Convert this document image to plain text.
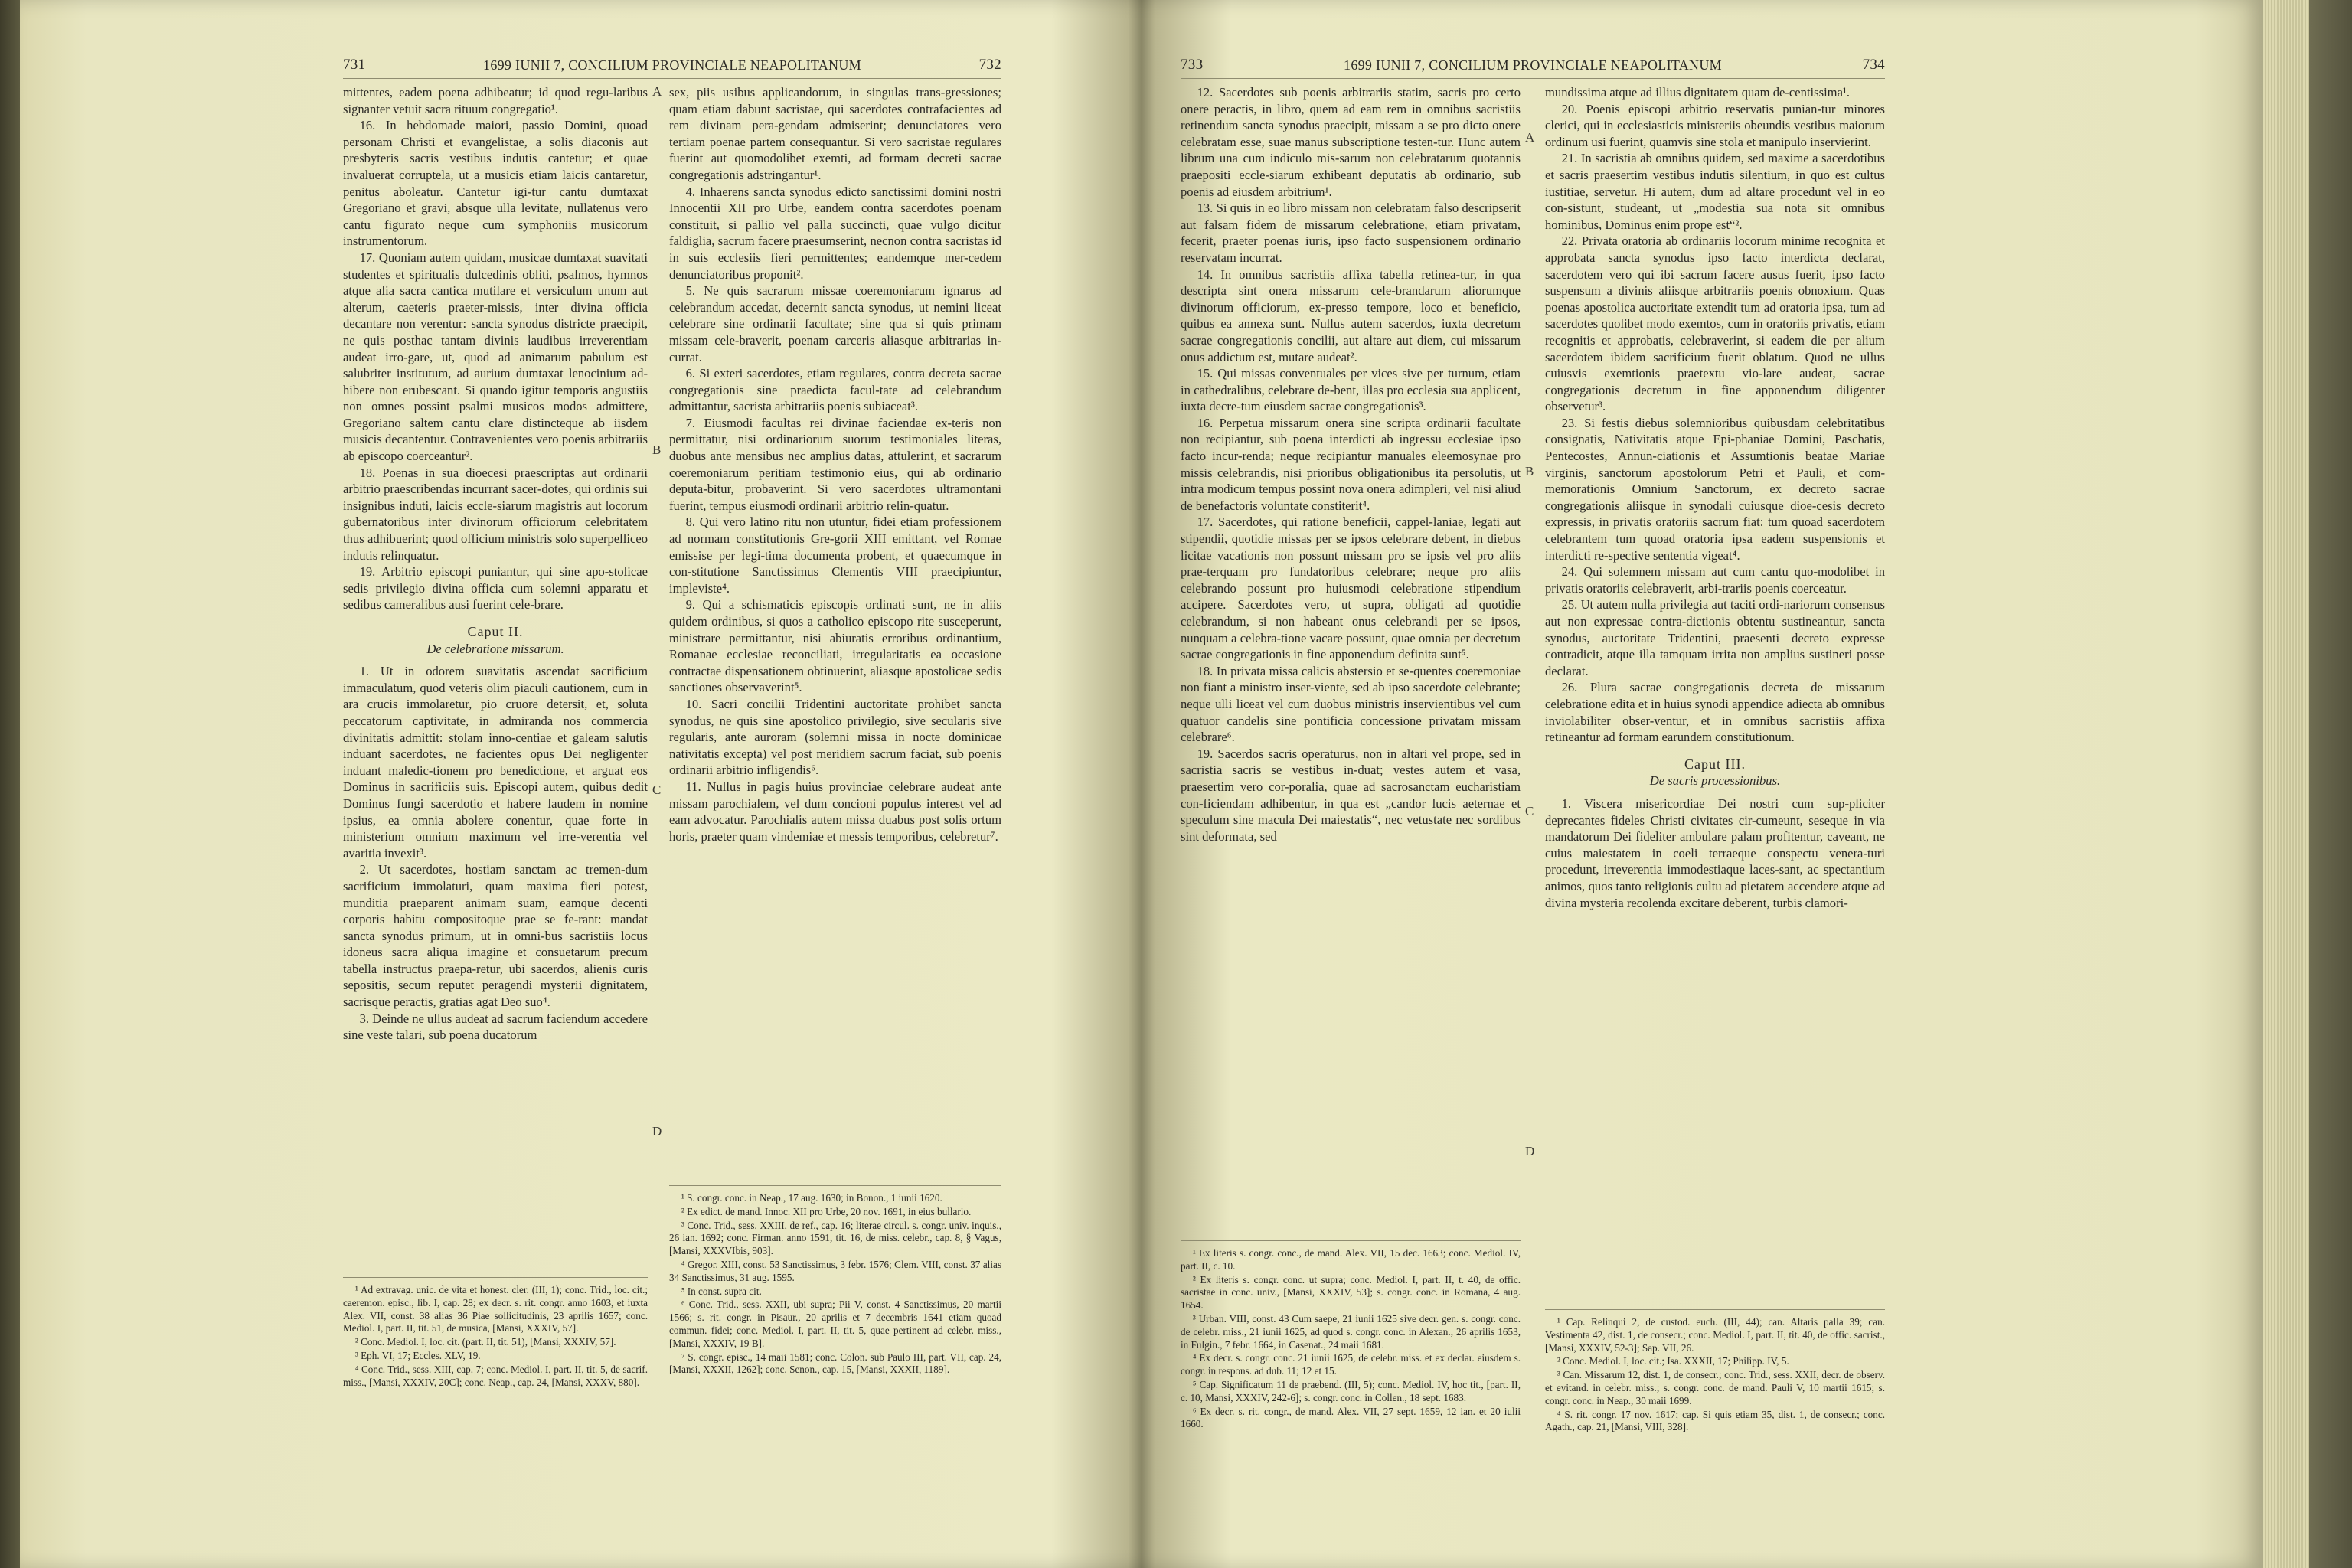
731	1699 IUNII 7, CONCILIUM PROVINCIALE NEAPOLITANUM	732	733	1699 IUNII 7, CONCILIUM PROVINCIALE NEAPOLITANUM	734

mittentes, eadem poena adhibeatur; id quod regu-laribus signanter vetuit sacra rituum congregatio¹.

16. In hebdomade maiori, passio Domini, quoad personam Christi et evangelistae, a solis diaconis aut presbyteris sacris vestibus indutis cantetur; et quae invaluerat corruptela, ut a musicis etiam laicis cantaretur, penitus aboleatur. Cantetur igi-tur cantu dumtaxat Gregoriano et gravi, absque ulla levitate, nullatenus vero cantu figurato neque cum symphoniis musicorum instrumentorum.

17. Quoniam autem quidam, musicae dumtaxat suavitati studentes et spiritualis dulcedinis obliti, psalmos, hymnos atque alia sacra cantica mutilare et versiculum unum aut alterum, caeteris praeter-missis, inter divina officia decantare non verentur: sancta synodus districte praecipit, ne quis posthac tantam divinis laudibus irreverentiam audeat irro-gare, ut, quod ad animarum pabulum est salubriter institutum, ad aurium dumtaxat lenocinium ad-hibere non erubescant. Si quando igitur temporis angustiis non omnes possint psalmi musicos modos admittere, Gregoriano saltem cantu clare distincteque ab iisdem musicis decantentur. Contravenientes vero poenis arbitrariis ab episcopo coerceantur².

18. Poenas in sua dioecesi praescriptas aut ordinarii arbitrio praescribendas incurrant sacer-dotes, qui ordinis sui insignibus induti, laicis eccle-siarum magistris aut locorum gubernatoribus inter divinorum officiorum celebritatem thus adhibuerint; quod officium ministris solo superpelliceo indutis relinquatur.

19. Arbitrio episcopi puniantur, qui sine apo-stolicae sedis privilegio divina officia cum solemni apparatu et sedibus cameralibus ausi fuerint cele-brare.

Caput II.

De celebratione missarum.

1. Ut in odorem suavitatis ascendat sacrificium immaculatum, quod veteris olim piaculi cautionem, cum in ara crucis immolaretur, pio cruore detersit, et, soluta peccatorum captivitate, in admiranda nos commercia divinitatis admittit: stolam inno-centiae et galeam salutis induant sacerdotes, ne facientes opus Dei negligenter induant maledic-tionem pro benedictione, et arguat eos Dominus in sacrificiis suis. Episcopi autem, quibus dedit Dominus fungi sacerdotio et habere laudem in nomine ipsius, ea omnia abolere conentur, quae forte in ministerium omnium maximum vel irre-verentia vel avaritia invexit³.

2. Ut sacerdotes, hostiam sanctam ac tremen-dum sacrificium immolaturi, quam maxima fieri potest, munditia praeparent animam suam, eamque decenti corporis habitu compositoque prae se fe-rant: mandat sancta synodus primum, ut in omni-bus sacristiis locus idoneus sacra aliqua imagine et consuetarum precum tabella instructus praepa-retur, ubi sacerdos, alienis curis sepositis, secum reputet peragendi mysterii dignitatem, sacrisque peractis, gratias agat Deo suo⁴.

3. Deinde ne ullus audeat ad sacrum faciendum accedere sine veste talari, sub poena ducatorum

¹ Ad extravag. unic. de vita et honest. cler. (III, 1); conc. Trid., loc. cit.; caeremon. episc., lib. I, cap. 28; ex decr. s. rit. congr. anno 1603, et iuxta Alex. VII, const. 38 alias 36 Piae sollicitudinis, 23 aprilis 1657; conc. Mediol. I, part. II, tit. 51, de musica, [Mansi, XXXIV, 57].

² Conc. Mediol. I, loc. cit. (part. II, tit. 51), [Mansi, XXXIV, 57].

³ Eph. VI, 17; Eccles. XLV, 19.

⁴ Conc. Trid., sess. XIII, cap. 7; conc. Mediol. I, part. II, tit. 5, de sacrif. miss., [Mansi, XXXIV, 20C]; conc. Neap., cap. 24, [Mansi, XXXV, 880].

A
B
C
D

sex, piis usibus applicandorum, in singulas trans-gressiones; quam etiam dabunt sacristae, qui sacerdotes contrafacientes ad rem divinam pera-gendam admiserint; denunciatores vero tertiam poenae partem consequantur. Si vero sacristae regulares fuerint aut quomodolibet exemti, ad formam decreti sacrae congregationis adstringantur¹.

4. Inhaerens sancta synodus edicto sanctissimi domini nostri Innocentii XII pro Urbe, eandem contra sacerdotes poenam constituit, si pallio vel palla succincti, quae vulgo dicitur faldiglia, sacrum facere praesumserint, necnon contra sacristas id in suis ecclesiis fieri permittentes; eandemque mer-cedem denunciatoribus proponit².

5. Ne quis sacrarum missae coeremoniarum ignarus ad celebrandum accedat, decernit sancta synodus, ut nemini liceat celebrare sine ordinarii facultate; sine qua si quis primam missam cele-braverit, poenam carceris aliasque arbitrarias in-currat.

6. Si exteri sacerdotes, etiam regulares, contra decreta sacrae congregationis sine praedicta facul-tate ad celebrandum admittantur, sacrista arbitrariis poenis subiaceat³.

7. Eiusmodi facultas rei divinae faciendae ex-teris non permittatur, nisi ordinariorum suorum testimoniales literas, duobus ante mensibus nec amplius datas, attulerint, et sacrarum coeremoniarum peritiam testimonio eius, qui ab ordinario deputa-bitur, probaverint. Si vero sacerdotes ultramontani fuerint, tempus eiusmodi ordinarii arbitrio relin-quatur.

8. Qui vero latino ritu non utuntur, fidei etiam professionem ad normam constitutionis Gre-gorii XIII emittant, vel Romae emissise per legi-tima documenta probent, et quaecumque in con-stitutione Sanctissimus Clementis VIII praecipiuntur, impleviste⁴.

9. Qui a schismaticis episcopis ordinati sunt, ne in aliis quidem ordinibus, si quos a catholico episcopo rite susceperunt, ministrare permittantur, nisi abiuratis erroribus ordinantium, Romanae ecclesiae reconciliati, irregularitatis ea occasione contractae dispensationem obtinuerint, aliasque apostolicae sedis sanctiones observaverint⁵.

10. Sacri concilii Tridentini auctoritate prohibet sancta synodus, ne quis sine apostolico privilegio, sive secularis sive regularis, ante auroram (solemni missa in nocte dominicae nativitatis excepta) vel post meridiem sacrum faciat, sub poenis ordinarii arbitrio infligendis⁶.

11. Nullus in pagis huius provinciae celebrare audeat ante missam parochialem, vel dum concioni populus interest vel ad eam advocatur. Parochialis autem missa duabus post solis ortum horis, praeter quam vindemiae et messis temporibus, celebretur⁷.

¹ S. congr. conc. in Neap., 17 aug. 1630; in Bonon., 1 iunii 1620.

² Ex edict. de mand. Innoc. XII pro Urbe, 20 nov. 1691, in eius bullario.

³ Conc. Trid., sess. XXIII, de ref., cap. 16; literae circul. s. congr. univ. inquis., 26 ian. 1692; conc. Firman. anno 1591, tit. 16, de miss. celebr., cap. 8, § Vagus, [Mansi, XXXVIbis, 903].

⁴ Gregor. XIII, const. 53 Sanctissimus, 3 febr. 1576; Clem. VIII, const. 37 alias 34 Sanctissimus, 31 aug. 1595.

⁵ In const. supra cit.

⁶ Conc. Trid., sess. XXII, ubi supra; Pii V, const. 4 Sanctissimus, 20 martii 1566; s. rit. congr. in Pisaur., 20 aprilis et 7 decembris 1641 etiam quoad commun. fidei; conc. Mediol. I, part. II, tit. 5, quae pertinent ad celebr. miss., [Mansi, XXXIV, 19 B].

⁷ S. congr. episc., 14 maii 1581; conc. Colon. sub Paulo III, part. VII, cap. 24, [Mansi, XXXII, 1262]; conc. Senon., cap. 15, [Mansi, XXXII, 1189].

12. Sacerdotes sub poenis arbitrariis statim, sacris pro certo onere peractis, in libro, quem ad eam rem in omnibus sacristiis retinendum sancta synodus praecipit, missam a se pro dicto onere celebratam esse, suae manus subscriptione testen-tur. Hunc autem librum una cum indiculo mis-sarum non celebratarum quotannis praepositi eccle-siarum exhibeant deputatis ab ordinario, sub poenis ad eiusdem arbitrium¹.

13. Si quis in eo libro missam non celebratam falso descripserit aut falsam fidem de missarum celebratione, etiam privatam, fecerit, praeter poenas iuris, ipso facto suspensionem ordinario reservatam incurrat.

14. In omnibus sacristiis affixa tabella retinea-tur, in qua descripta sint onera missarum cele-brandarum aliorumque divinorum officiorum, ex-presso tempore, loco et beneficio, quibus ea annexa sunt. Nullus autem sacerdos, iuxta decretum sacrae congregationis concilii, aut altare aut diem, cui missarum onus addictum est, mutare audeat².

15. Qui missas conventuales per vices sive per turnum, etiam in cathedralibus, celebrare de-bent, illas pro ecclesia sua applicent, iuxta decre-tum eiusdem sacrae congregationis³.

16. Perpetua missarum onera sine scripta ordinarii facultate non recipiantur, sub poena interdicti ab ingressu ecclesiae ipso facto incur-renda; neque recipiantur manuales eleemosynae pro missis celebrandis, nisi prioribus obligationibus ita persolutis, ut intra modicum tempus possint nova onera adimpleri, vel nisi aliud de benefactoris voluntate constiterit⁴.

17. Sacerdotes, qui ratione beneficii, cappel-laniae, legati aut stipendii, quotidie missas per se ipsos celebrare debent, in diebus licitae vacationis non possunt missam pro se ipsis vel pro aliis prae-terquam pro fundatoribus celebrare; neque pro aliis celebrando possunt pro huiusmodi celebratione stipendium accipere. Sacerdotes vero, ut supra, obligati ad quotidie celebrandum, si non habeant onus celebrandi per se ipsos, nunquam a celebra-tione vacare possunt, quae omnia per decretum sacrae congregationis in fine apponendum definita sunt⁵.

18. In privata missa calicis abstersio et se-quentes coeremoniae non fiant a ministro inser-viente, sed ab ipso sacerdote celebrante; neque ulli liceat vel cum duobus ministris inservientibus vel cum quatuor candelis sine pontificia concessione privatam missam celebrare⁶.

19. Sacerdos sacris operaturus, non in altari vel prope, sed in sacristia sacris se vestibus in-duat; vestes autem et vasa, praesertim vero cor-poralia, quae ad sacrosanctam eucharistiam con-ficiendam adhibentur, in qua est „candor lucis aeternae et speculum sine macula Dei maiestatis“, nec vetustate nec sordibus sint deformata, sed

¹ Ex literis s. congr. conc., de mand. Alex. VII, 15 dec. 1663; conc. Mediol. IV, part. II, c. 10.

² Ex literis s. congr. conc. ut supra; conc. Mediol. I, part. II, t. 40, de offic. sacristae in conc. univ., [Mansi, XXXIV, 53]; s. congr. conc. in Romana, 4 aug. 1654.

³ Urban. VIII, const. 43 Cum saepe, 21 iunii 1625 sive decr. gen. s. congr. conc. de celebr. miss., 21 iunii 1625, ad quod s. congr. conc. in Alexan., 26 aprilis 1653, in Fulgin., 7 febr. 1664, in Casenat., 24 maii 1681.

⁴ Ex decr. s. congr. conc. 21 iunii 1625, de celebr. miss. et ex declar. eiusdem s. congr. in respons. ad dub. 11; 12 et 15.

⁵ Cap. Significatum 11 de praebend. (III, 5); conc. Mediol. IV, hoc tit., [part. II, c. 10, Mansi, XXXIV, 242-6]; s. congr. conc. in Collen., 18 sept. 1683.

⁶ Ex decr. s. rit. congr., de mand. Alex. VII, 27 sept. 1659, 12 ian. et 20 iulii 1660.

A
B
C
D

mundissima atque ad illius dignitatem quam de-centissima¹.

20. Poenis episcopi arbitrio reservatis punian-tur minores clerici, qui in ecclesiasticis ministeriis obeundis vestibus maiorum ordinum usi fuerint, quamvis sine stola et manipulo inservierint.

21. In sacristia ab omnibus quidem, sed maxime a sacerdotibus et sacris praesertim vestibus indutis silentium, in quo est cultus iustitiae, servetur. Hi autem, dum ad altare procedunt vel in eo con-sistunt, studeant, ut „modestia sua nota sit omnibus hominibus, Dominus enim prope est“².

22. Privata oratoria ab ordinariis locorum minime recognita et approbata sancta synodus ipso facto interdicta declarat, sacerdotem vero qui ibi sacrum facere ausus fuerit, ipso facto suspensum a divinis aliisque arbitrariis poenis obnoxium. Quas poenas apostolica auctoritate extendit tum ad oratoria ipsa, tum ad sacerdotes quolibet modo exemtos, cum in oratoriis privatis, etiam recognitis et approbatis, celebraverint, si eadem die per alium sacerdotem ibidem sacrificium fuerit oblatum. Quod ne ullus cuiusvis exemtionis praetextu vio-lare audeat, sacrae congregationis decretum in fine apponendum diligenter observetur³.

23. Si festis diebus solemnioribus quibusdam celebritatibus consignatis, Nativitatis atque Epi-phaniae Domini, Paschatis, Pentecostes, Annun-ciationis et Assumtionis beatae Mariae virginis, sanctorum apostolorum Petri et Pauli, et com-memorationis Omnium Sanctorum, ex decreto sacrae congregationis aliisque in synodali cuiusque dioe-cesis decreto expressis, in privatis oratoriis sacrum fiat: tum quoad sacerdotem celebrantem tum quoad oratoria ipsa eadem suspensionis et interdicti re-spective sententia vigeat⁴.

24. Qui solemnem missam aut cum cantu quo-modolibet in privatis oratoriis celebraverit, arbi-trariis poenis coerceatur.

25. Ut autem nulla privilegia aut taciti ordi-nariorum consensus aut non expressae contra-dictionis obtentu sustineantur, sancta synodus, auctoritate Tridentini, praesenti decreto expresse contradicit, atque illa tamquam irrita non amplius sustineri posse declarat.

26. Plura sacrae congregationis decreta de missarum celebratione edita et in huius synodi appendice adiecta ab omnibus inviolabiliter obser-ventur, et in omnibus sacristiis affixa retineantur ad formam earundem constitutionum.

Caput III.

De sacris processionibus.

1. Viscera misericordiae Dei nostri cum sup-pliciter deprecantes fideles Christi civitates cir-cumeunt, seseque in via mandatorum Dei fideliter ambulare palam profitentur, caveant, ne cuius maiestatem in coeli terraeque conspectu venera-turi procedunt, irreverentia immodestiaque laces-sant, ac spectantium animos, quos tanto religionis cultu ad pietatem accendere atque ad divina mysteria recolenda excitare deberent, turbis clamori-

¹ Cap. Relinqui 2, de custod. euch. (III, 44); can. Altaris palla 39; can. Vestimenta 42, dist. 1, de consecr.; conc. Mediol. I, part. II, tit. 40, de offic. sacrist., [Mansi, XXXIV, 52-3]; Sap. VII, 26.

² Conc. Mediol. I, loc. cit.; Isa. XXXII, 17; Philipp. IV, 5.

³ Can. Missarum 12, dist. 1, de consecr.; conc. Trid., sess. XXII, decr. de observ. et evitand. in celebr. miss.; s. congr. conc. de mand. Pauli V, 10 martii 1615; s. congr. conc. in Neap., 30 maii 1699.

⁴ S. rit. congr. 17 nov. 1617; cap. Si quis etiam 35, dist. 1, de consecr.; conc. Agath., cap. 21, [Mansi, VIII, 328].
